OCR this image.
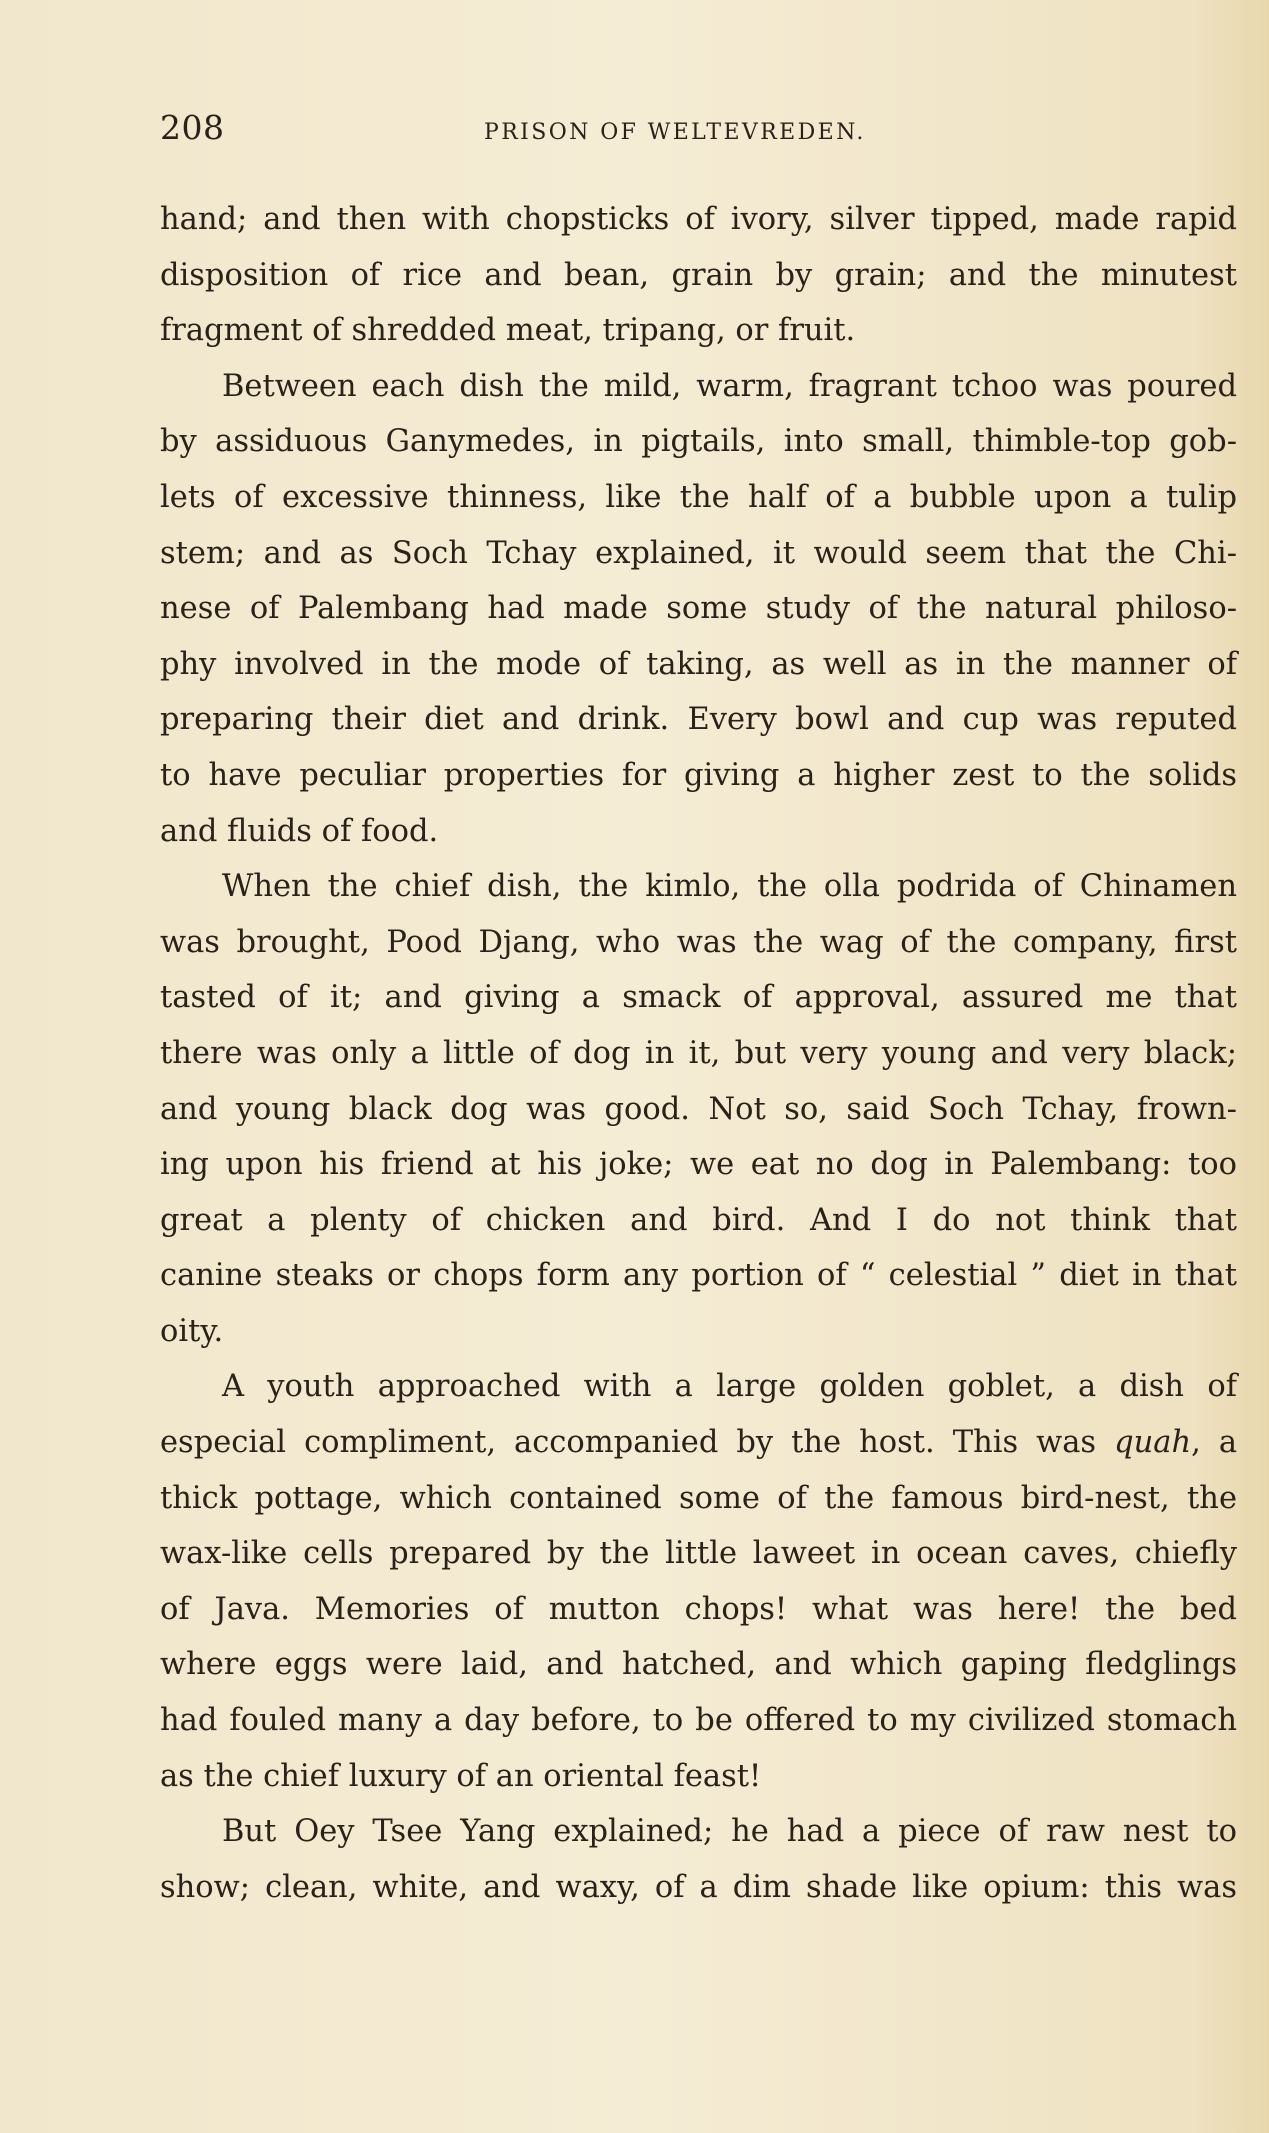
208	PRISON OF WELTEVREDEN.
hand; and then with chopsticks of ivory, silver tipped, made rapid
disposition of rice and bean, grain by grain; and the minutest
fragment of shredded meat, tripang, or fruit.
Between each dish the mild, warm, fragrant tchoo was poured
by assiduous Ganymedes, in pigtails, into small, thimble-top gob-
lets of excessive thinness, like the half of a bubble upon a tulip
stem; and as Soch Tchay explained, it would seem that the Chi-
nese of Palembang had made some study of the natural philoso-
phy involved in the mode of taking, as well as in the manner of
preparing their diet and drink. Every bowl and cup was reputed
to have peculiar properties for giving a higher zest to the solids
and fluids of food.
When the chief dish, the kimlo, the olla podrida of Chinamen
was brought, Pood Djang, who was the wag of the company, first
tasted of it; and giving a smack of approval, assured me that
there was only a little of dog in it, but very young and very black;
and young black dog was good. Not so, said Soch Tchay, frown-
ing upon his friend at his joke; we eat no dog in Palembang: too
great a plenty of chicken and bird. And I do not think that
canine steaks or chops form any portion of “ celestial ” diet in that
oity.
A youth approached with a large golden goblet, a dish of
especial compliment, accompanied by the host. This was quah, a
thick pottage, which contained some of the famous bird-nest, the
wax-like cells prepared by the little laweet in ocean caves, chiefly
of Java. Memories of mutton chops! what was here! the bed
where eggs were laid, and hatched, and which gaping fledglings
had fouled many a day before, to be offered to my civilized stomach
as the chief luxury of an oriental feast!
But Oey Tsee Yang explained; he had a piece of raw nest to
show; clean, white, and waxy, of a dim shade like opium: this was
